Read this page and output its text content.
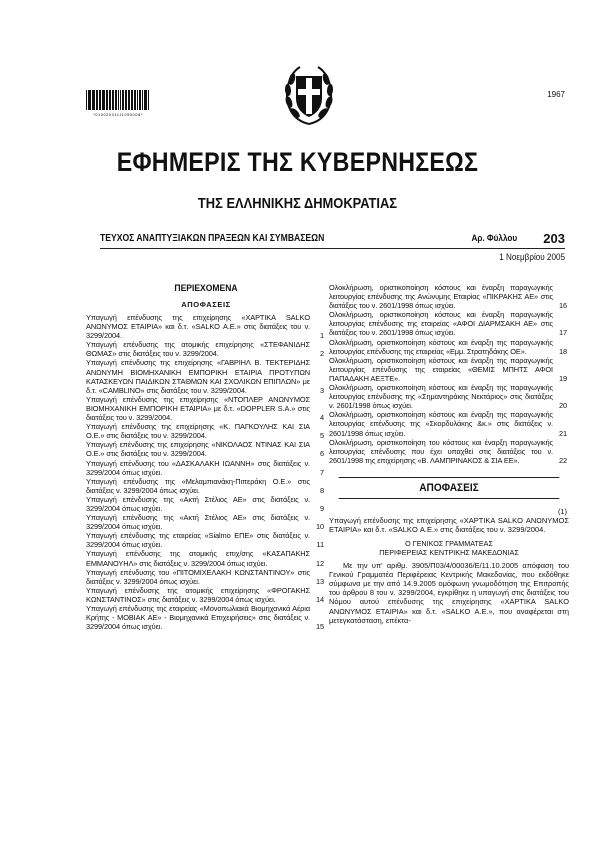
1967
*01002031111050008*
ΕΦΗΜΕΡΙΣ ΤΗΣ ΚΥΒΕΡΝΗΣΕΩΣ
ΤΗΣ ΕΛΛΗΝΙΚΗΣ ΔΗΜΟΚΡΑΤΙΑΣ
ΤΕΥΧΟΣ ΑΝΑΠΤΥΞΙΑΚΩΝ ΠΡΑΞΕΩΝ ΚΑΙ ΣΥΜΒΑΣΕΩΝ	Αρ. Φύλλου 203
1 Νοεμβρίου 2005
ΠΕΡΙΕΧΟΜΕΝΑ
ΑΠΟΦΑΣΕΙΣ
Υπαγωγή επένδυσης της επιχείρησης «ΧΑΡΤΙΚΑ SALKO ΑΝΩΝΥΜΟΣ ΕΤΑΙΡΙΑ» και δ.τ. «SALKO Α.Ε.» στις διατάξεις του ν. 3299/2004.	1
Υπαγωγή επένδυσης της ατομικής επιχείρησης «ΣΤΕΦΑΝΙΔΗΣ ΘΩΜΑΣ» στις διατάξεις του ν. 3299/2004.	2
Υπαγωγή επένδυσης της επιχείρησης «ΓΑΒΡΙΗΛ Β. ΤΕΚΤΕΡΙΔΗΣ ΑΝΩΝΥΜΗ ΒΙΟΜΗΧΑΝΙΚΗ ΕΜΠΟΡΙΚΗ ΕΤΑΙΡΙΑ ΠΡΟΤΥΠΩΝ ΚΑΤΑΣΚΕΥΩΝ ΠΑΙΔΙΚΩΝ ΣΤΑΘΜΩΝ ΚΑΙ ΣΧΟΛΙΚΩΝ ΕΠΙΠΛΩΝ» με δ.τ. «CAMBLINO» στις διατάξεις του ν. 3299/2004.	3
Υπαγωγή επένδυσης της επιχείρησης «ΝΤΟΠΛΕΡ ΑΝΩΝΥΜΟΣ ΒΙΟΜΗΧΑΝΙΚΗ ΕΜΠΟΡΙΚΗ ΕΤΑΙΡΙΑ» με δ.τ. «DOPPLER S.A.» στις διατάξεις του ν. 3299/2004.	4
Υπαγωγή επένδυσης της επιχείρησης «Κ. ΠΑΓΚΟΥΛΗΣ ΚΑΙ ΣΙΑ Ο.Ε.» στις διατάξεις του ν. 3299/2004.	5
Υπαγωγή επένδυσης της επιχείρησης «ΝΙΚΟΛΑΟΣ ΝΤΙΝΑΣ ΚΑΙ ΣΙΑ Ο.Ε.» στις διατάξεις του ν. 3299/2004.	6
Υπαγωγή επένδυσης του «ΔΑΣΚΑΛΑΚΗ ΙΩΑΝΝΗ» στις διατάξεις ν. 3299/2004 όπως ισχύει.	7
Υπαγωγή επένδυσης της «Μελαμπιανάκη-Πιπεράκη Ο.Ε.» στις διατάξεις ν. 3299/2004 όπως ισχύει.	8
Υπαγωγή επένδυσης της «Ακτή Στέλιος ΑΕ» στις διατάξεις ν. 3299/2004 όπως ισχύει.	9
Υπαγωγή επένδυσης της «Ακτή Στέλιος ΑΕ» στις διατάξεις ν. 3299/2004 όπως ισχύει.	10
Υπαγωγή επένδυσης της εταιρείας «Sialmo ΕΠΕ» στις διατάξεις ν. 3299/2004 όπως ισχύει.	11
Υπαγωγή επένδυσης της ατομικής επιχ/σης «ΚΑΣΑΠΑΚΗΣ ΕΜΜΑΝΟΥΗΛ» στις διατάξεις ν. 3299/2004 όπως ισχύει.	12
Υπαγωγή επένδυσης του «ΠΙΤΟΜΙΧΕΛΑΚΗ ΚΩΝΣΤΑΝΤΙΝΟΥ» στις διατάξεις ν. 3299/2004 όπως ισχύει.	13
Υπαγωγή επένδυσης της ατομικής επιχείρησης «ΦΡΟΓΑΚΗΣ ΚΩΝΣΤΑΝΤΙΝΟΣ» στις διατάξεις ν. 3299/2004 όπως ισχύει.	14
Υπαγωγή επένδυσης της εταιρείας «Μονοπωλιακά Βιομηχανικά Αέρια Κρήτης - ΜΟΒΙΑΚ ΑΕ» - Βιομηχανικά Επιχειρήσεις» στις διατάξεις ν. 3299/2004 όπως ισχύει.	15
Ολοκλήρωση, οριστικοποίηση κόστους και έναρξη παραγωγικής λειτουργίας επένδυσης της Ανώνυμης Εταιρίας «ΠΙΚΡΑΚΗΣ ΑΕ» στις διατάξεις του ν. 2601/1998 όπως ισχύει.	16
Ολοκλήρωση, οριστικοποίηση κόστους και έναρξη παραγωγικής λειτουργίας επένδυσης της εταιρείας «ΑΦΟΙ ΔΙΑΡΜΣΑΚΗ ΑΕ» στις διατάξεις του ν. 2601/1998 όπως ισχύει.	17
Ολοκλήρωση, οριστικοποίηση κόστους και έναρξη της παραγωγικής λειτουργίας επένδυσης της εταιρείας «Εμμ. Στρατηδάκης ΟΕ».	18
Ολοκλήρωση, οριστικοποίηση κόστους και έναρξη της παραγωγικής λειτουργίας επένδυσης της εταιρείας «ΘΕΜΙΣ ΜΠΗΤΣ ΑΦΟΙ ΠΑΠΑΔΑΚΗ ΑΕΞΤΕ».	19
Ολοκλήρωση, οριστικοποίηση κόστους και έναρξη της παραγωγικής λειτουργίας επένδυσης της «Σημαντηράκης Νεκτάριος» στις διατάξεις ν. 2601/1998 όπως ισχύει.	20
Ολοκλήρωση, οριστικοποίηση κόστους και έναρξη της παραγωγικής λειτουργίας επένδυσης της «Σκορδυλάκης &κ.» στις διατάξεις ν. 2601/1998 όπως ισχύει.	21
Ολοκλήρωση, οριστικοποίηση του κόστους και έναρξη παραγωγικής λειτουργίας επένδυσης που έχει υπαχθεί στις διατάξεις του ν. 2601/1998 της επιχείρησης «Β. ΛΑΜΠΡΙΝΑΚΟΣ & ΣΙΑ ΕΕ».	22
ΑΠΟΦΑΣΕΙΣ
(1)
Υπαγωγή επένδυσης της επιχείρησης «ΧΑΡΤΙΚΑ SALKO ΑΝΩΝΥΜΟΣ ΕΤΑΙΡΙΑ» και δ.τ. «SALKO Α.Ε.» στις διατάξεις του ν. 3299/2004.
Ο ΓΕΝΙΚΟΣ ΓΡΑΜΜΑΤΕΑΣ
ΠΕΡΙΦΕΡΕΙΑΣ ΚΕΝΤΡΙΚΗΣ ΜΑΚΕΔΟΝΙΑΣ
Με την υπ' αριθμ. 3905/Π03/4/00036/Ε/11.10.2005 απόφαση του Γενικού Γραμματέα Περιφέρειας Κεντρικής Μακεδονίας, που εκδόθηκε σύμφωνα με την από 14.9.2005 ομόφωνη γνωμοδότηση της Επιτροπής του άρθρου 8 του ν. 3299/2004, εγκρίθηκε η υπαγωγή στις διατάξεις του Νόμου αυτού επένδυσης της επιχείρησης «ΧΑΡΤΙΚΑ SALKO ΑΝΩΝΥΜΟΣ ΕΤΑΙΡΙΑ» και δ.τ. «SALKO Α.Ε.», που αναφέρεται στη μετεγκατάσταση, επέκτα-
